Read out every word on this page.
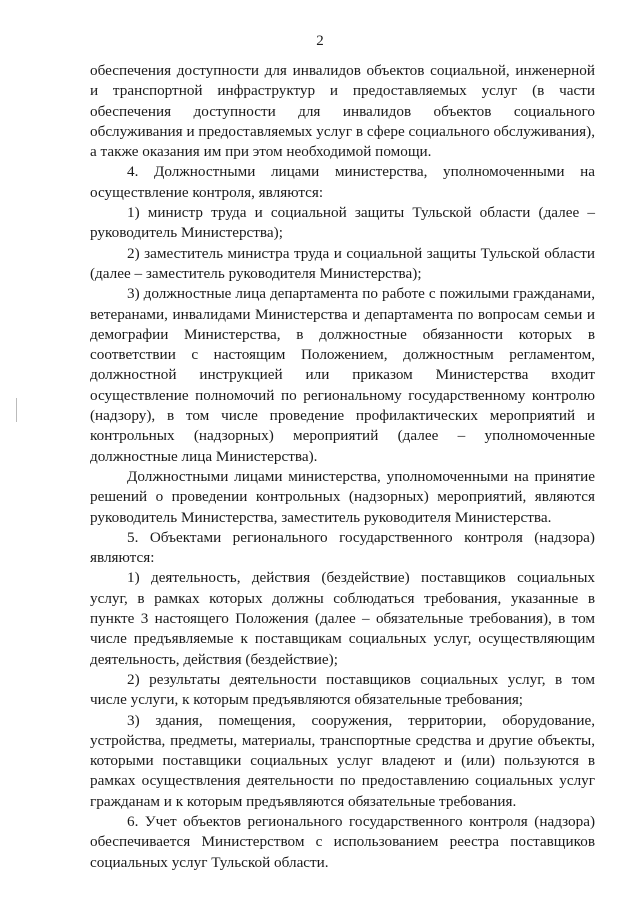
2

обеспечения доступности для инвалидов объектов социальной, инженерной и транспортной инфраструктур и предоставляемых услуг (в части обеспечения доступности для инвалидов объектов социального обслуживания и предоставляемых услуг в сфере социального обслуживания), а также оказания им при этом необходимой помощи.

4. Должностными лицами министерства, уполномоченными на осуществление контроля, являются:

1) министр труда и социальной защиты Тульской области (далее – руководитель Министерства);

2) заместитель министра труда и социальной защиты Тульской области (далее – заместитель руководителя Министерства);

3) должностные лица департамента по работе с пожилыми гражданами, ветеранами, инвалидами Министерства и департамента по вопросам семьи и демографии Министерства, в должностные обязанности которых в соответствии с настоящим Положением, должностным регламентом, должностной инструкцией или приказом Министерства входит осуществление полномочий по региональному государственному контролю (надзору), в том числе проведение профилактических мероприятий и контрольных (надзорных) мероприятий (далее – уполномоченные должностные лица Министерства).

Должностными лицами министерства, уполномоченными на принятие решений о проведении контрольных (надзорных) мероприятий, являются руководитель Министерства, заместитель руководителя Министерства.

5. Объектами регионального государственного контроля (надзора) являются:

1) деятельность, действия (бездействие) поставщиков социальных услуг, в рамках которых должны соблюдаться требования, указанные в пункте 3 настоящего Положения (далее – обязательные требования), в том числе предъявляемые к поставщикам социальных услуг, осуществляющим деятельность, действия (бездействие);

2) результаты деятельности поставщиков социальных услуг, в том числе услуги, к которым предъявляются обязательные требования;

3) здания, помещения, сооружения, территории, оборудование, устройства, предметы, материалы, транспортные средства и другие объекты, которыми поставщики социальных услуг владеют и (или) пользуются в рамках осуществления деятельности по предоставлению социальных услуг гражданам и к которым предъявляются обязательные требования.

6. Учет объектов регионального государственного контроля (надзора) обеспечивается Министерством с использованием реестра поставщиков социальных услуг Тульской области.
